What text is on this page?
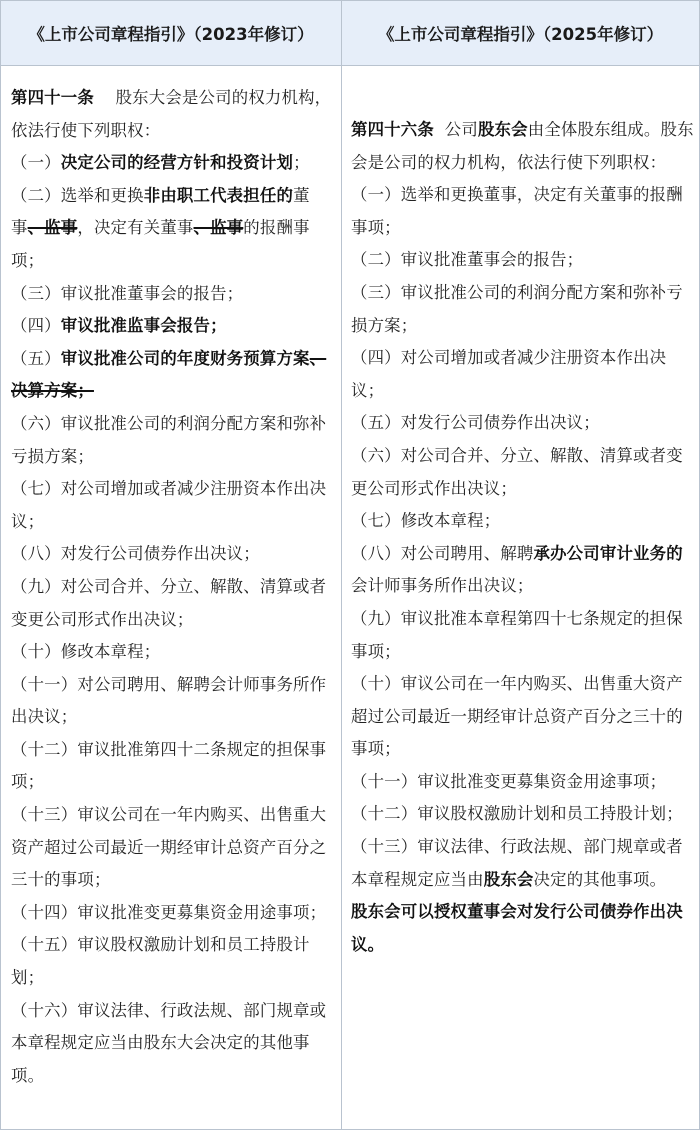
《上市公司章程指引》（2023年修订）	《上市公司章程指引》（2025年修订）

第四十一条 股东大会是公司的权力机构，依法行使下列职权：

（一）决定公司的经营方针和投资计划；

（二）选举和更换非由职工代表担任的董事、监事，决定有关董事、监事的报酬事项；

（三）审议批准董事会的报告；

（四）审议批准监事会报告；

（五）审议批准公司的年度财务预算方案、决算方案；

（六）审议批准公司的利润分配方案和弥补亏损方案；

（七）对公司增加或者减少注册资本作出决议；

（八）对发行公司债券作出决议；

（九）对公司合并、分立、解散、清算或者变更公司形式作出决议；

（十）修改本章程；

（十一）对公司聘用、解聘会计师事务所作出决议；

（十二）审议批准第四十二条规定的担保事项；

（十三）审议公司在一年内购买、出售重大资产超过公司最近一期经审计总资产百分之三十的事项；

（十四）审议批准变更募集资金用途事项；

（十五）审议股权激励计划和员工持股计划；

（十六）审议法律、行政法规、部门规章或本章程规定应当由股东大会决定的其他事项。

第四十六条 公司股东会由全体股东组成。股东会是公司的权力机构，依法行使下列职权：

（一）选举和更换董事，决定有关董事的报酬事项；

（二）审议批准董事会的报告；

（三）审议批准公司的利润分配方案和弥补亏损方案；

（四）对公司增加或者减少注册资本作出决议；

（五）对发行公司债券作出决议；

（六）对公司合并、分立、解散、清算或者变更公司形式作出决议；

（七）修改本章程；

（八）对公司聘用、解聘承办公司审计业务的会计师事务所作出决议；

（九）审议批准本章程第四十七条规定的担保事项；

（十）审议公司在一年内购买、出售重大资产超过公司最近一期经审计总资产百分之三十的事项；

（十一）审议批准变更募集资金用途事项；

（十二）审议股权激励计划和员工持股计划；

（十三）审议法律、行政法规、部门规章或者本章程规定应当由股东会决定的其他事项。

股东会可以授权董事会对发行公司债券作出决议。
